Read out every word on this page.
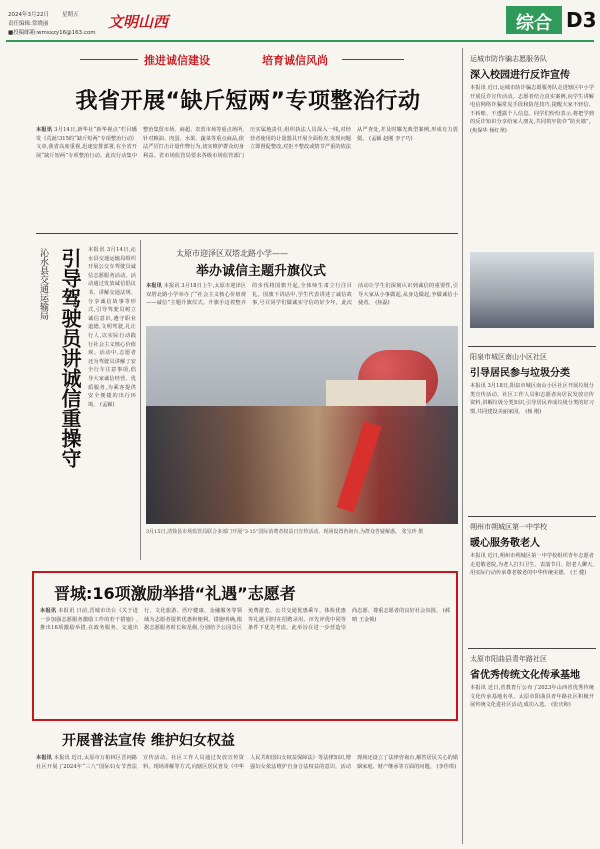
2024年3月22日 星期五
责任编辑:常晓丽
■投稿邮箱:wmsxzy16@163.com
文明山西	综合 D3
推进诚信建设	培育诚信风尚
我省开展“缺斤短两”专项整治行动
本报讯 3月14日,新华社“新华视点”栏目播发《荒诞!315的“缺斤短两”专项整治行动》文章,我省高度重视,迅速安排部署,在全省开展“缺斤短两”专项整治行动。此次行动集中整治集贸市场、商超、农贸市场等重点场所,针对粮油、肉蛋、水果、蔬菜等重点商品,依法严厉打击计量作弊行为,切实维护群众切身利益。省市场监管局要求各级市场监管部门压实属地责任,组织执法人员深入一线,对经营者使用的计量器具开展全面检查,发现问题立即督促整改,对拒不整改或情节严重的依法从严查处,并及时曝光典型案例,形成有力震慑。 (孟颖 赵刚 李子巧)
沁水县交通运输局 引导驾驶员讲诚信重操守 本报讯 3月14日,沁水县交通运输局组织开展公交车驾驶员诚信志愿服务活动。活动通过发放诚信倡议书、讲解交通法规、分享诚信故事等形式,引导驾驶员树立诚信意识,遵守职业道德,文明驾驶,礼让行人,以实际行动践行社会主义核心价值观。活动中,志愿者还为驾驶员讲解了安全行车注意事项,倡导大家诚信经营、优质服务,为乘客提供安全便捷的出行环境。 (孟颖)
太原市迎泽区双塔北路小学——
举办诚信主题升旗仪式
本报讯 本报讯 3月18日上午,太原市迎泽区双塔北路小学举办了“社会主义核心价值观——诚信”主题升旗仪式。升旗手迈着整齐的步伐将国旗升起,全体师生肃立行注目礼。国旗下讲话中,学生代表讲述了诚信故事,号召同学们做诚实守信的好少年。此次活动让学生们深刻认识到诚信的重要性,引导大家从小事做起,从身边做起,争做诚信小使者。 (焦磊)
3月15日,清徐县市场监管局联合多部门开展“3·15”国际消费者权益日宣传活动。现场设置咨询台,为群众答疑解惑。 张宝珍 摄
晋城:16项激励举措“礼遇”志愿者
本报讯 本报讯 日前,晋城市出台《关于进一步加强志愿服务激励工作的若干措施》,推出16项激励举措,在政务服务、交通出行、文化旅游、医疗健康、金融服务等领域为志愿者提供优惠和便利。措施明确,根据志愿服务时长和星级,分别给予公园景区免费游览、公共交通优惠乘车、体检优惠等礼遇,同时在招聘录用、评先评优中同等条件下优先考虑。此举旨在进一步营造崇尚志愿、尊重志愿者的良好社会氛围。 (郝晴 王金锁)
开展普法宣传 维护妇女权益
本报讯 本报讯 近日,太原市万柏林区晋祠路社区开展了2024年“三八”国际妇女节普法宣传活动。社区工作人员通过发放宣传资料、现场讲解等方式,向辖区居民普及《中华人民共和国妇女权益保障法》等法律知识,增强妇女依法维护自身合法权益的意识。活动现场还设立了法律咨询台,解答居民关心的婚姻家庭、财产继承等方面的问题。 (李佳琪)
运城市防诈骗志愿服务队
深入校园进行反诈宣传
本报讯 近日,运城市防诈骗志愿服务队走进辖区中小学开展反诈宣传活动。志愿者结合真实案例,向学生讲解电信网络诈骗常见手段和防范技巧,提醒大家不轻信、不转账、不透露个人信息。同学们纷纷表示,将把学到的反诈知识分享给家人朋友,共同筑牢防诈“防火墙”。 (焦保华 杨红翠)
阳泉市城区南山小区社区
引导居民参与垃圾分类
本报讯 3月18日,阳泉市城区南山小区社区开展垃圾分类宣传活动。社区工作人员和志愿者向居民发放宣传资料,讲解垃圾分类知识,引导居民养成垃圾分类的好习惯,共同建设美丽家园。 (杨 刚)
朔州市朔城区第一中学校
暖心服务敬老人
本报讯 近日,朔州市朔城区第一中学校组织青年志愿者走进敬老院,为老人打扫卫生、表演节目、陪老人聊天,用实际行动传承尊老敬老的中华传统美德。 (王 健)
太原市阳曲县青年路社区
省优秀传统文化传承基地
本报讯 近日,省教育厅公布了2023年山西省优秀传统文化传承基地名单。太原市阳曲县青年路社区积极开展传统文化进社区活动,成功入选。 (张庆和)
